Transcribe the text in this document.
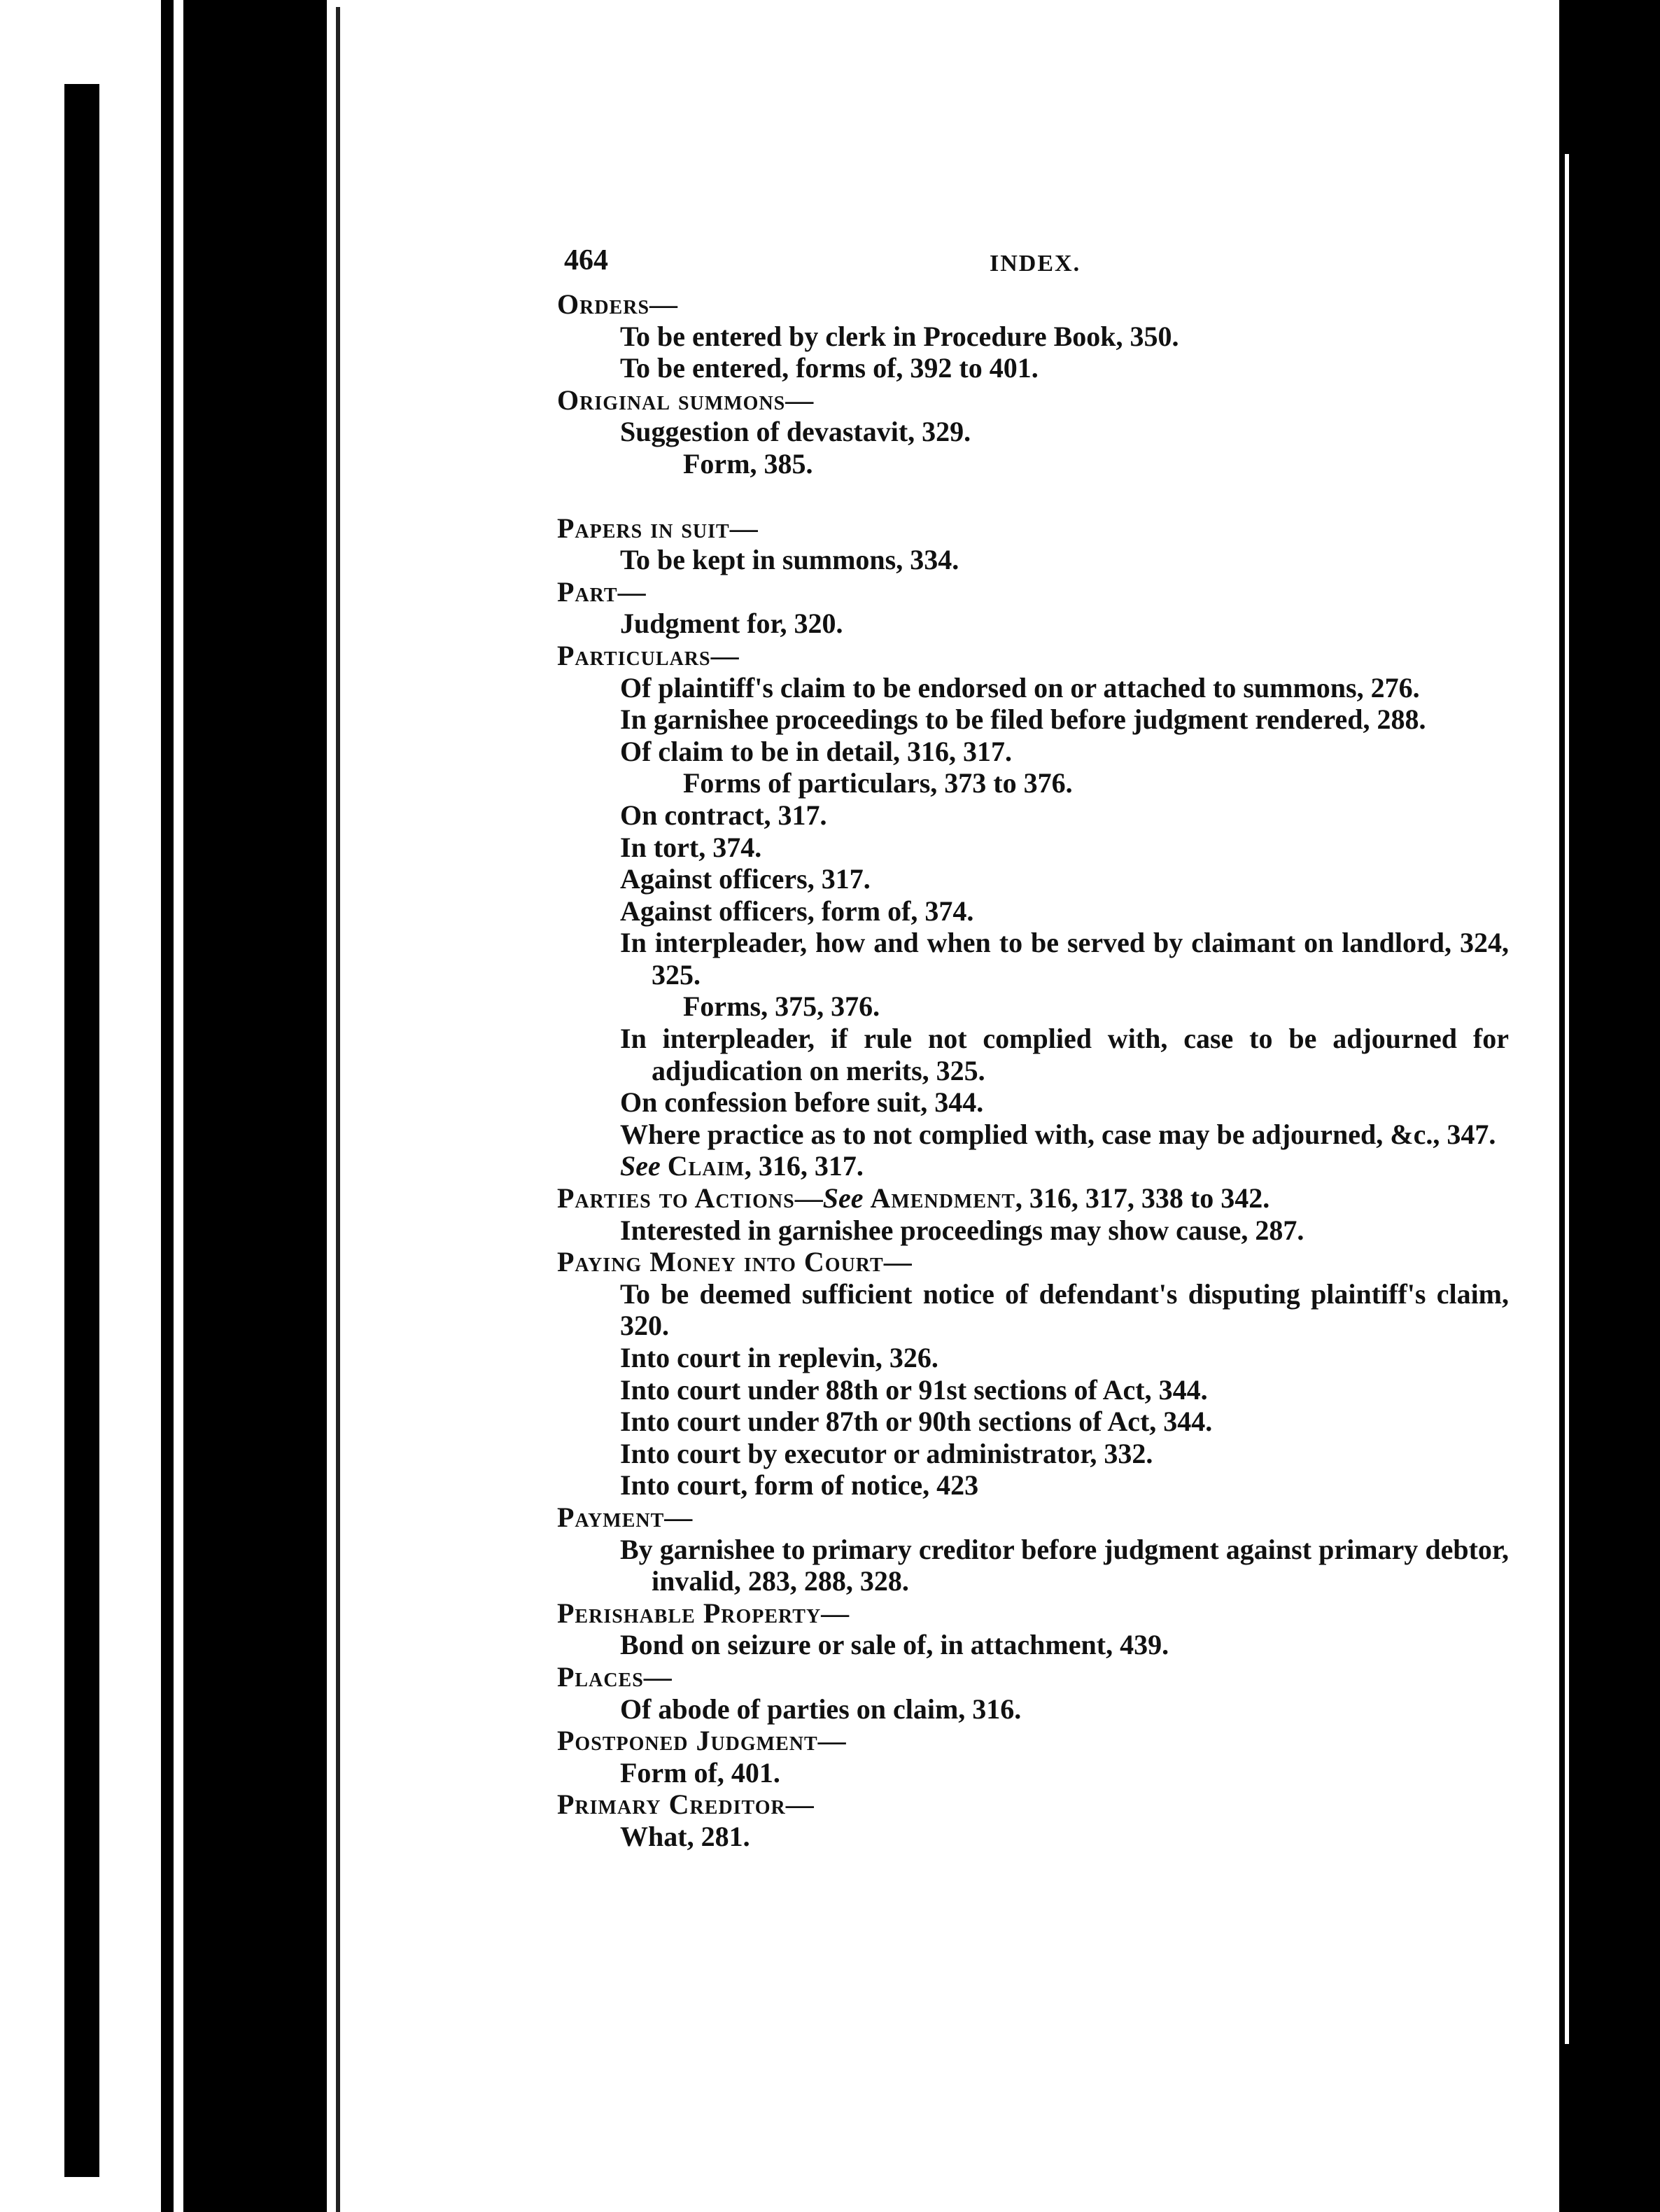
464	INDEX.

Orders—

To be entered by clerk in Procedure Book, 350.

To be entered, forms of, 392 to 401.

Original summons—

Suggestion of devastavit, 329.

Form, 385.

Papers in suit—

To be kept in summons, 334.

Part—

Judgment for, 320.

Particulars—

Of plaintiff's claim to be endorsed on or attached to summons, 276.

In garnishee proceedings to be filed before judgment rendered, 288.

Of claim to be in detail, 316, 317.

Forms of particulars, 373 to 376.

On contract, 317.

In tort, 374.

Against officers, 317.

Against officers, form of, 374.

In interpleader, how and when to be served by claimant on landlord, 324, 325.

Forms, 375, 376.

In interpleader, if rule not complied with, case to be adjourned for adjudication on merits, 325.

On confession before suit, 344.

Where practice as to not complied with, case may be adjourned, &c., 347.

See Claim, 316, 317.

Parties to Actions—See Amendment, 316, 317, 338 to 342.

Interested in garnishee proceedings may show cause, 287.

Paying Money into Court—

To be deemed sufficient notice of defendant's disputing plaintiff's claim, 320.

Into court in replevin, 326.

Into court under 88th or 91st sections of Act, 344.

Into court under 87th or 90th sections of Act, 344.

Into court by executor or administrator, 332.

Into court, form of notice, 423

Payment—

By garnishee to primary creditor before judgment against primary debtor, invalid, 283, 288, 328.

Perishable Property—

Bond on seizure or sale of, in attachment, 439.

Places—

Of abode of parties on claim, 316.

Postponed Judgment—

Form of, 401.

Primary Creditor—

What, 281.
